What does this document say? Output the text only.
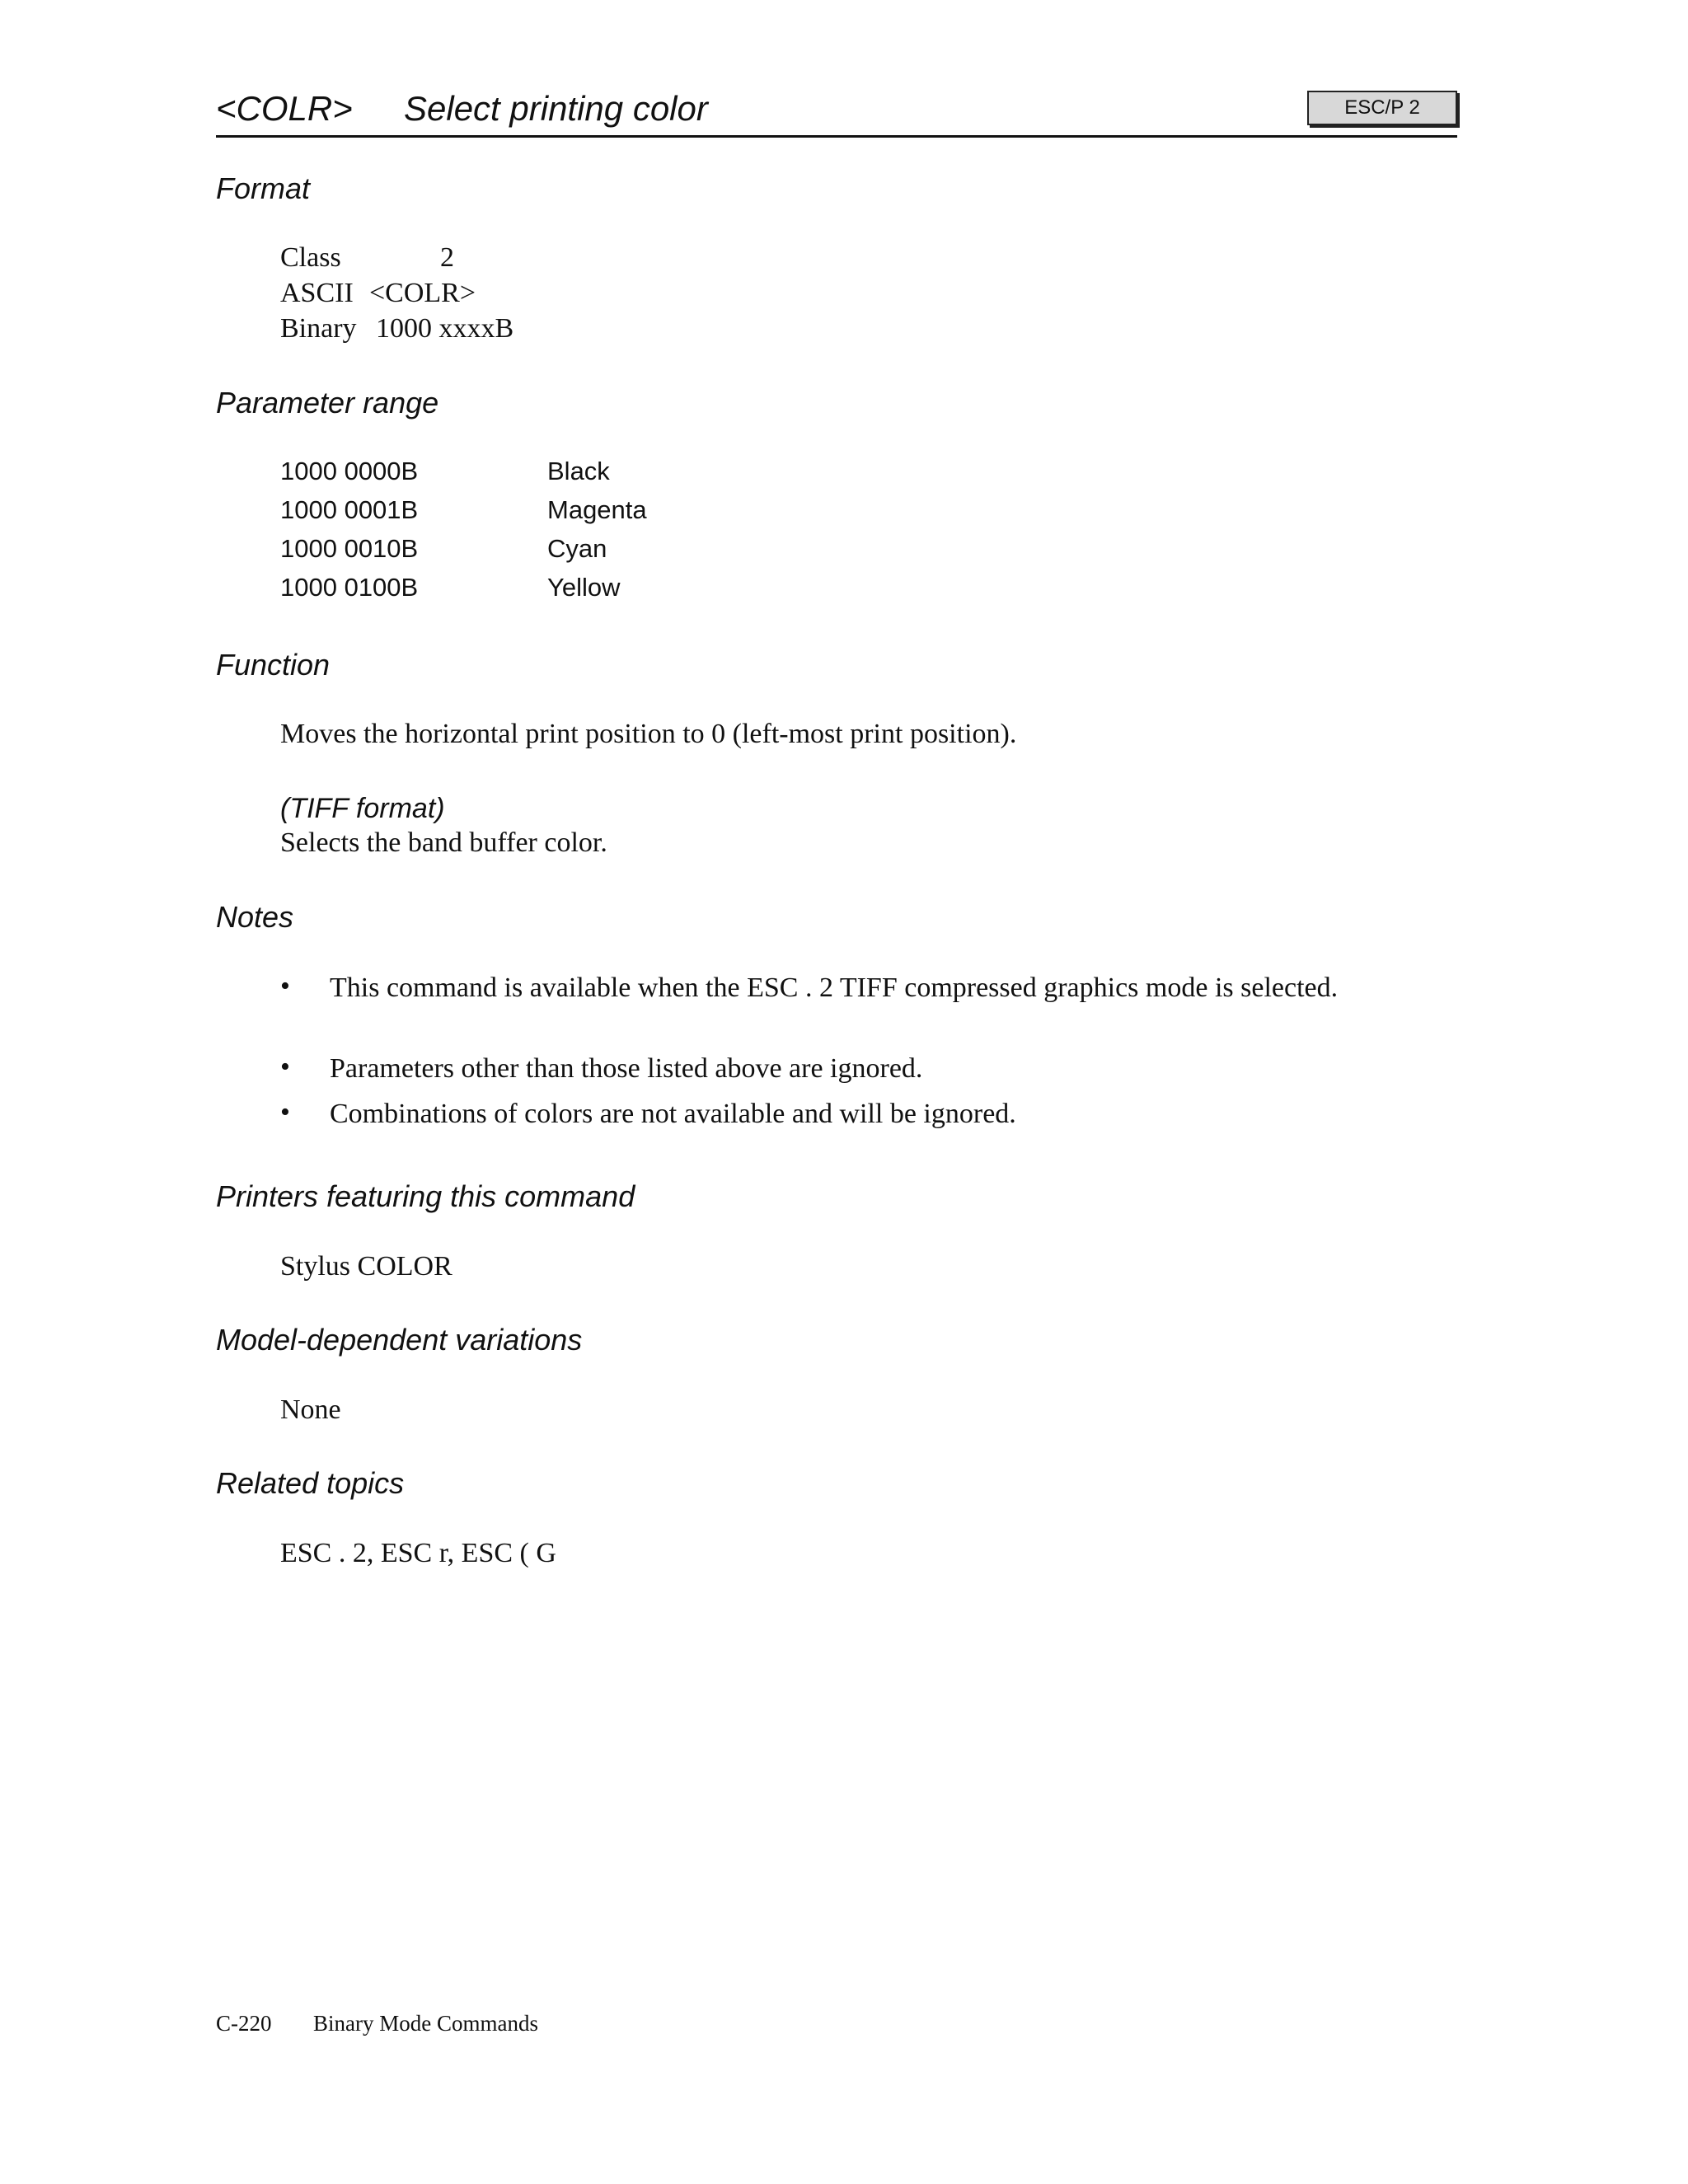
<COLR> Select printing color	ESC/P 2
Format
Class	2
ASCII <COLR>
Binary 1000 xxxxB
Parameter range
1000 0000B	Black
1000 0001B	Magenta
1000 0010B	Cyan
1000 0100B	Yellow
Function
Moves the horizontal print position to 0 (left-most print position).
(TIFF format)
Selects the band buffer color.
Notes
• This command is available when the ESC . 2 TIFF compressed graphics mode is selected.
• Parameters other than those listed above are ignored.
• Combinations of colors are not available and will be ignored.
Printers featuring this command
Stylus COLOR
Model-dependent variations
None
Related topics
ESC . 2, ESC r, ESC ( G
C-220 Binary Mode Commands
